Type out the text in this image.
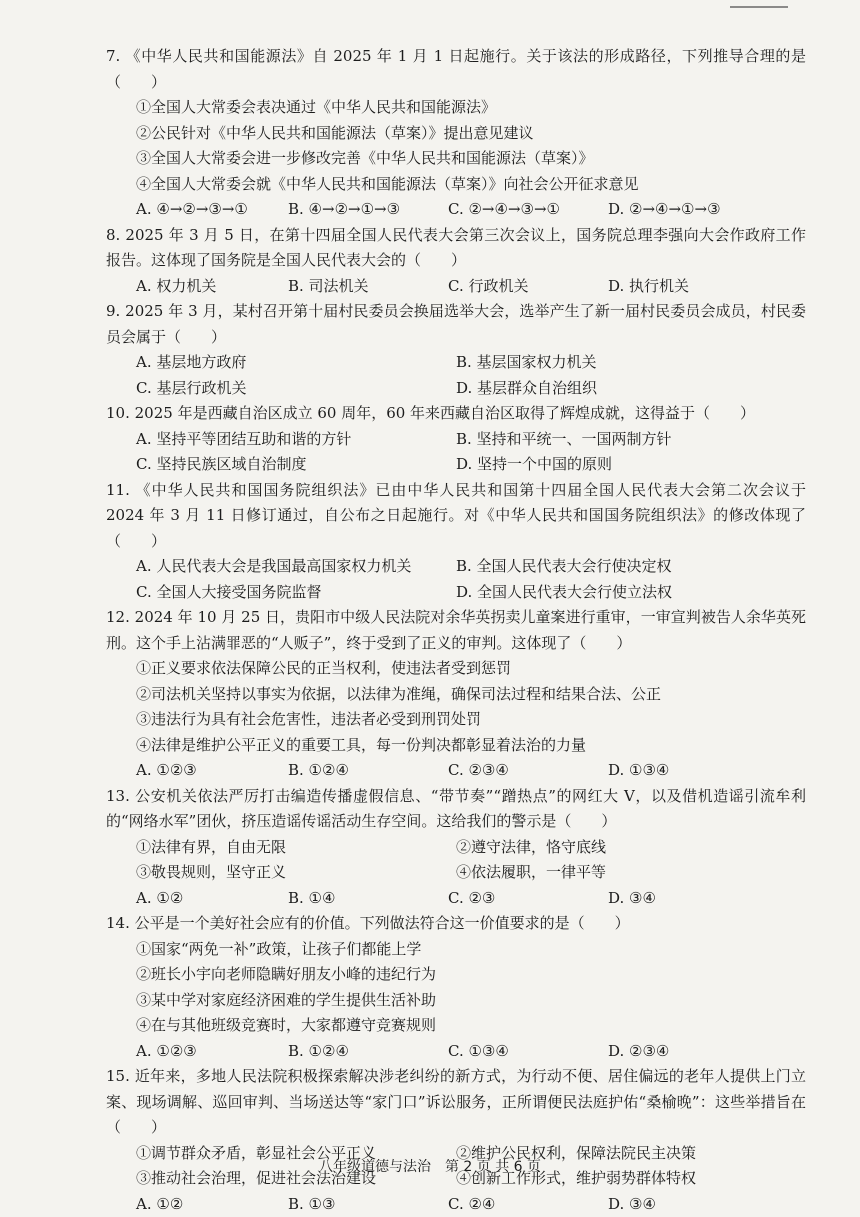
7. 《中华人民共和国能源法》自 2025 年 1 月 1 日起施行。关于该法的形成路径，下列推导合理的是（　　）

①全国人大常委会表决通过《中华人民共和国能源法》

②公民针对《中华人民共和国能源法（草案）》提出意见建议

③全国人大常委会进一步修改完善《中华人民共和国能源法（草案）》

④全国人大常委会就《中华人民共和国能源法（草案）》向社会公开征求意见

A. ④→②→③→①	B. ④→②→①→③	C. ②→④→③→①	D. ②→④→①→③

8. 2025 年 3 月 5 日，在第十四届全国人民代表大会第三次会议上，国务院总理李强向大会作政府工作报告。这体现了国务院是全国人民代表大会的（　　）

A. 权力机关	B. 司法机关	C. 行政机关	D. 执行机关

9. 2025 年 3 月，某村召开第十届村民委员会换届选举大会，选举产生了新一届村民委员会成员，村民委员会属于（　　）

A. 基层地方政府	B. 基层国家权力机关
C. 基层行政机关	D. 基层群众自治组织

10. 2025 年是西藏自治区成立 60 周年，60 年来西藏自治区取得了辉煌成就，这得益于（　　）

A. 坚持平等团结互助和谐的方针	B. 坚持和平统一、一国两制方针
C. 坚持民族区域自治制度	D. 坚持一个中国的原则

11. 《中华人民共和国国务院组织法》已由中华人民共和国第十四届全国人民代表大会第二次会议于 2024 年 3 月 11 日修订通过，自公布之日起施行。对《中华人民共和国国务院组织法》的修改体现了（　　）

A. 人民代表大会是我国最高国家权力机关	B. 全国人民代表大会行使决定权
C. 全国人大接受国务院监督	D. 全国人民代表大会行使立法权

12. 2024 年 10 月 25 日，贵阳市中级人民法院对余华英拐卖儿童案进行重审，一审宣判被告人余华英死刑。这个手上沾满罪恶的“人贩子”，终于受到了正义的审判。这体现了（　　）

①正义要求依法保障公民的正当权利，使违法者受到惩罚

②司法机关坚持以事实为依据，以法律为准绳，确保司法过程和结果合法、公正

③违法行为具有社会危害性，违法者必受到刑罚处罚

④法律是维护公平正义的重要工具，每一份判决都彰显着法治的力量

A. ①②③	B. ①②④	C. ②③④	D. ①③④

13. 公安机关依法严厉打击编造传播虚假信息、“带节奏”“蹭热点”的网红大 V，以及借机造谣引流牟利的“网络水军”团伙，挤压造谣传谣活动生存空间。这给我们的警示是（　　）

①法律有界，自由无限	②遵守法律，恪守底线
③敬畏规则，坚守正义	④依法履职，一律平等
A. ①②	B. ①④	C. ②③	D. ③④

14. 公平是一个美好社会应有的价值。下列做法符合这一价值要求的是（　　）

①国家“两免一补”政策，让孩子们都能上学

②班长小宇向老师隐瞒好朋友小峰的违纪行为

③某中学对家庭经济困难的学生提供生活补助

④在与其他班级竞赛时，大家都遵守竞赛规则

A. ①②③	B. ①②④	C. ①③④	D. ②③④

15. 近年来，多地人民法院积极探索解决涉老纠纷的新方式，为行动不便、居住偏远的老年人提供上门立案、现场调解、巡回审判、当场送达等“家门口”诉讼服务，正所谓便民法庭护佑“桑榆晚”：这些举措旨在（　　）

①调节群众矛盾，彰显社会公平正义	②维护公民权利，保障法院民主决策
③推动社会治理，促进社会法治建设	④创新工作形式，维护弱势群体特权
A. ①②	B. ①③	C. ②④	D. ③④
八年级道德与法治　第 2 页 共 6 页
